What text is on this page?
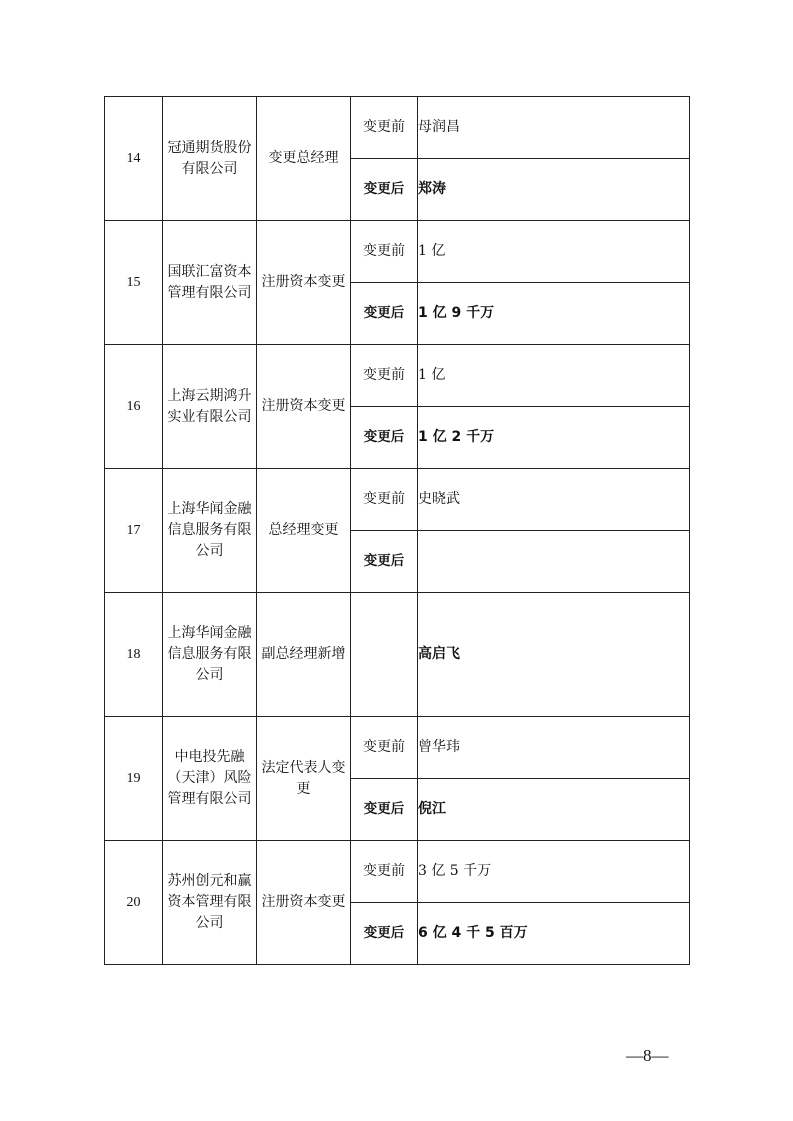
14	冠通期货股份有限公司	变更总经理	变更前	母润昌
			变更后	郑涛
15	国联汇富资本管理有限公司	注册资本变更	变更前	1 亿
			变更后	1 亿 9 千万
16	上海云期鸿升实业有限公司	注册资本变更	变更前	1 亿
			变更后	1 亿 2 千万
17	上海华闻金融信息服务有限公司	总经理变更	变更前	史晓武
			变更后	
18	上海华闻金融信息服务有限公司	副总经理新增		高启飞
19	中电投先融（天津）风险管理有限公司	法定代表人变更	变更前	曾华玮
			变更后	倪江
20	苏州创元和赢资本管理有限公司	注册资本变更	变更前	3 亿 5 千万
			变更后	6 亿 4 千 5 百万
—8—
